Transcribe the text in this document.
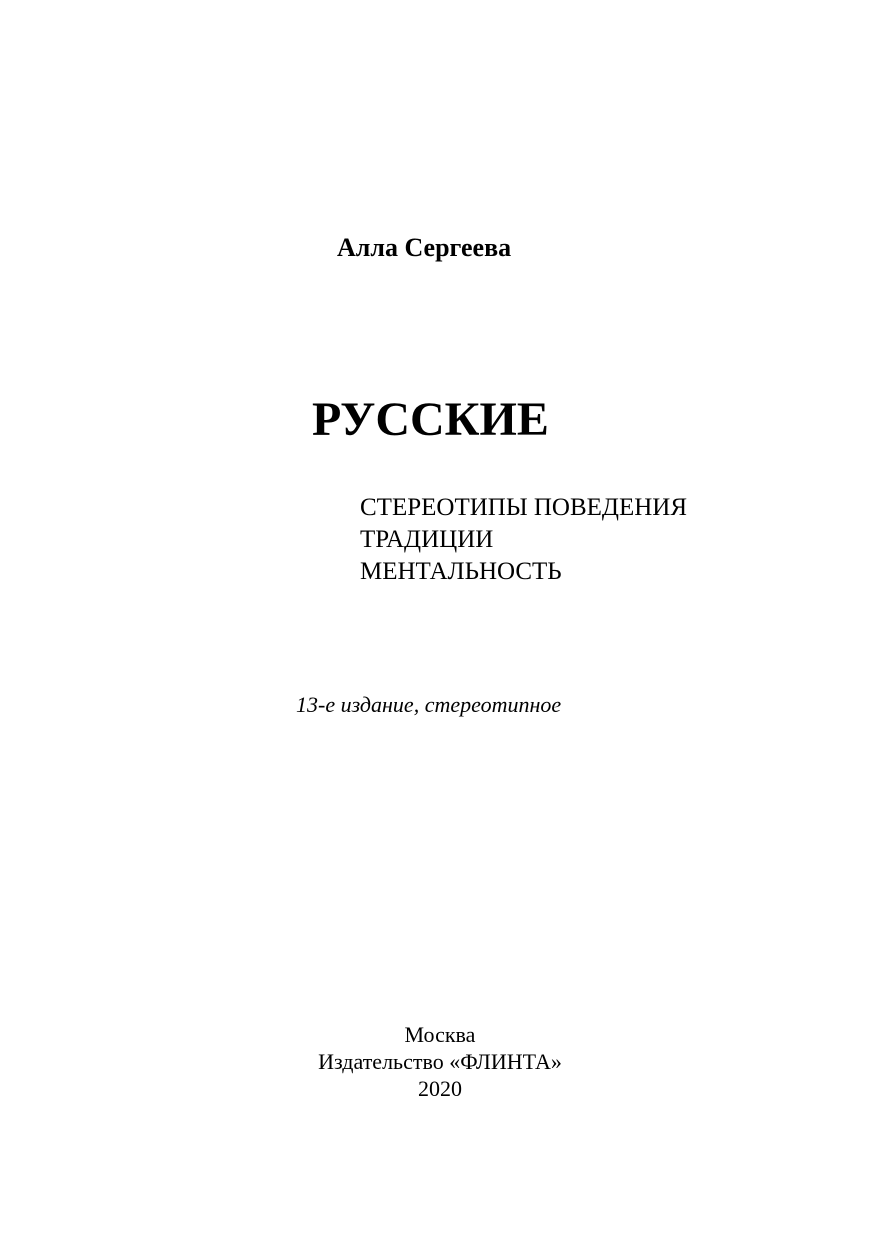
Алла Сергеева
РУССКИЕ
СТЕРЕОТИПЫ ПОВЕДЕНИЯ
ТРАДИЦИИ
МЕНТАЛЬНОСТЬ
13-е издание, стереотипное
Москва
Издательство «ФЛИНТА»
2020
